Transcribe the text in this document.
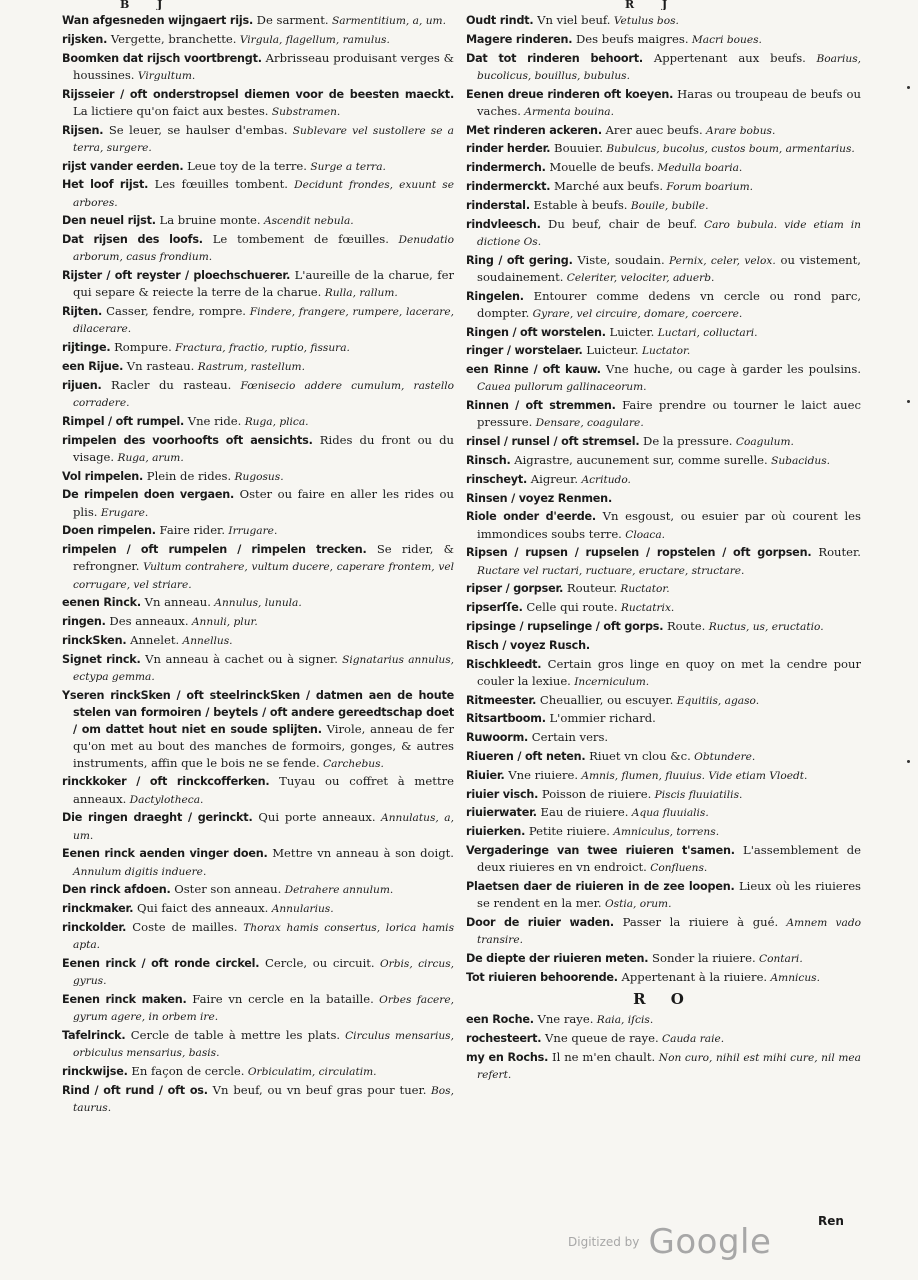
B J	R J

Wan afgesneden wijngaert rijs. De sarment. Sarmentitium, a, um.

rijsken. Vergette, branchette. Virgula, flagellum, ramulus.

Boomken dat rijsch voortbrengt. Arbrisseau produisant verges & houssines. Virgultum.

Rijsseier / oft onderstropsel diemen voor de beesten maeckt. La lictiere qu'on faict aux bestes. Substramen.

Rijsen. Se leuer, se haulser d'embas. Sublevare vel sustollere se a terra, surgere.

rijst vander eerden. Leue toy de la terre. Surge a terra.

Het loof rijst. Les fœuilles tombent. Decidunt frondes, exuunt se arbores.

Den neuel rijst. La bruine monte. Ascendit nebula.

Dat rijsen des loofs. Le tombement de fœuilles. Denudatio arborum, casus frondium.

Rijster / oft reyster / ploechschuerer. L'aureille de la charue, fer qui separe & reiecte la terre de la charue. Rulla, rallum.

Rijten. Casser, fendre, rompre. Findere, frangere, rumpere, lacerare, dilacerare.

rijtinge. Rompure. Fractura, fractio, ruptio, fissura.

een Rijue. Vn rasteau. Rastrum, rastellum.

rijuen. Racler du rasteau. Fœnisecio addere cumulum, rastello corradere.

Rimpel / oft rumpel. Vne ride. Ruga, plica.

rimpelen des voorhoofts oft aensichts. Rides du front ou du visage. Ruga, arum.

Vol rimpelen. Plein de rides. Rugosus.

De rimpelen doen vergaen. Oster ou faire en aller les rides ou plis. Erugare.

Doen rimpelen. Faire rider. Irrugare.

rimpelen / oft rumpelen / rimpelen trecken. Se rider, & refrongner. Vultum contrahere, vultum ducere, caperare frontem, vel corrugare, vel striare.

eenen Rinck. Vn anneau. Annulus, lunula.

ringen. Des anneaux. Annuli, plur.

rinckSken. Annelet. Annellus.

Signet rinck. Vn anneau à cachet ou à signer. Signatarius annulus, ectypa gemma.

Yseren rinckSken / oft steelrinckSken / datmen aen de houte stelen van formoiren / beytels / oft andere gereedtschap doet / om dattet hout niet en soude splijten. Virole, anneau de fer qu'on met au bout des manches de formoirs, gonges, & autres instruments, affin que le bois ne se fende. Carchebus.

rinckkoker / oft rinckcofferken. Tuyau ou coffret à mettre anneaux. Dactylotheca.

Die ringen draeght / gerinckt. Qui porte anneaux. Annulatus, a, um.

Eenen rinck aenden vinger doen. Mettre vn anneau à son doigt. Annulum digitis induere.

Den rinck afdoen. Oster son anneau. Detrahere annulum.

rinckmaker. Qui faict des anneaux. Annularius.

rinckolder. Coste de mailles. Thorax hamis consertus, lorica hamis apta.

Eenen rinck / oft ronde circkel. Cercle, ou circuit. Orbis, circus, gyrus.

Eenen rinck maken. Faire vn cercle en la bataille. Orbes facere, gyrum agere, in orbem ire.

Tafelrinck. Cercle de table à mettre les plats. Circulus mensarius, orbiculus mensarius, basis.

rinckwijse. En façon de cercle. Orbiculatim, circulatim.

Rind / oft rund / oft os. Vn beuf, ou vn beuf gras pour tuer. Bos, taurus.

Oudt rindt. Vn viel beuf. Vetulus bos.

Magere rinderen. Des beufs maigres. Macri boues.

Dat tot rinderen behoort. Appertenant aux beufs. Boarius, bucolicus, bouillus, bubulus.

Eenen dreue rinderen oft koeyen. Haras ou troupeau de beufs ou vaches. Armenta bouina.

Met rinderen ackeren. Arer auec beufs. Arare bobus.

rinder herder. Bouuier. Bubulcus, bucolus, custos boum, armentarius.

rindermerch. Mouelle de beufs. Medulla boaria.

rindermerckt. Marché aux beufs. Forum boarium.

rinderstal. Estable à beufs. Bouile, bubile.

rindvleesch. Du beuf, chair de beuf. Caro bubula. vide etiam in dictione Os.

Ring / oft gering. Viste, soudain. Pernix, celer, velox. ou vistement, soudainement. Celeriter, velociter, aduerb.

Ringelen. Entourer comme dedens vn cercle ou rond parc, dompter. Gyrare, vel circuire, domare, coercere.

Ringen / oft worstelen. Luicter. Luctari, colluctari.

ringer / worstelaer. Luicteur. Luctator.

een Rinne / oft kauw. Vne huche, ou cage à garder les poulsins. Cauea pullorum gallinaceorum.

Rinnen / oft stremmen. Faire prendre ou tourner le laict auec pressure. Densare, coagulare.

rinsel / runsel / oft stremsel. De la pressure. Coagulum.

Rinsch. Aigrastre, aucunement sur, comme surelle. Subacidus.

rinscheyt. Aigreur. Acritudo.

Rinsen / voyez Renmen.

Riole onder d'eerde. Vn esgoust, ou esuier par où courent les immondices soubs terre. Cloaca.

Ripsen / rupsen / rupselen / ropstelen / oft gorpsen. Router. Ructare vel ructari, ructuare, eructare, structare.

ripser / gorpser. Routeur. Ructator.

ripserſſe. Celle qui route. Ructatrix.

ripsinge / rupselinge / oft gorps. Route. Ructus, us, eructatio.

Risch / voyez Rusch.

Rischkleedt. Certain gros linge en quoy on met la cendre pour couler la lexiue. Incerniculum.

Ritmeester. Cheuallier, ou escuyer. Equitiis, agaso.

Ritsartboom. L'ommier richard.

Ruwoorm. Certain vers.

Riueren / oft neten. Riuet vn clou &c. Obtundere.

Riuier. Vne riuiere. Amnis, flumen, fluuius. Vide etiam Vloedt.

riuier visch. Poisson de riuiere. Piscis fluuiatilis.

riuierwater. Eau de riuiere. Aqua fluuialis.

riuierken. Petite riuiere. Amniculus, torrens.

Vergaderinge van twee riuieren t'samen. L'assemblement de deux riuieres en vn endroict. Confluens.

Plaetsen daer de riuieren in de zee loopen. Lieux où les riuieres se rendent en la mer. Ostia, orum.

Door de riuier waden. Passer la riuiere à gué. Amnem vado transire.

De diepte der riuieren meten. Sonder la riuiere. Contari.

Tot riuieren behoorende. Appertenant à la riuiere. Amnicus.

R O

een Roche. Vne raye. Raia, iſcis.

rochesteert. Vne queue de raye. Cauda raie.

my en Rochs. Il ne m'en chault. Non curo, nihil est mihi cure, nil mea refert.

Ren
Digitized by Google
